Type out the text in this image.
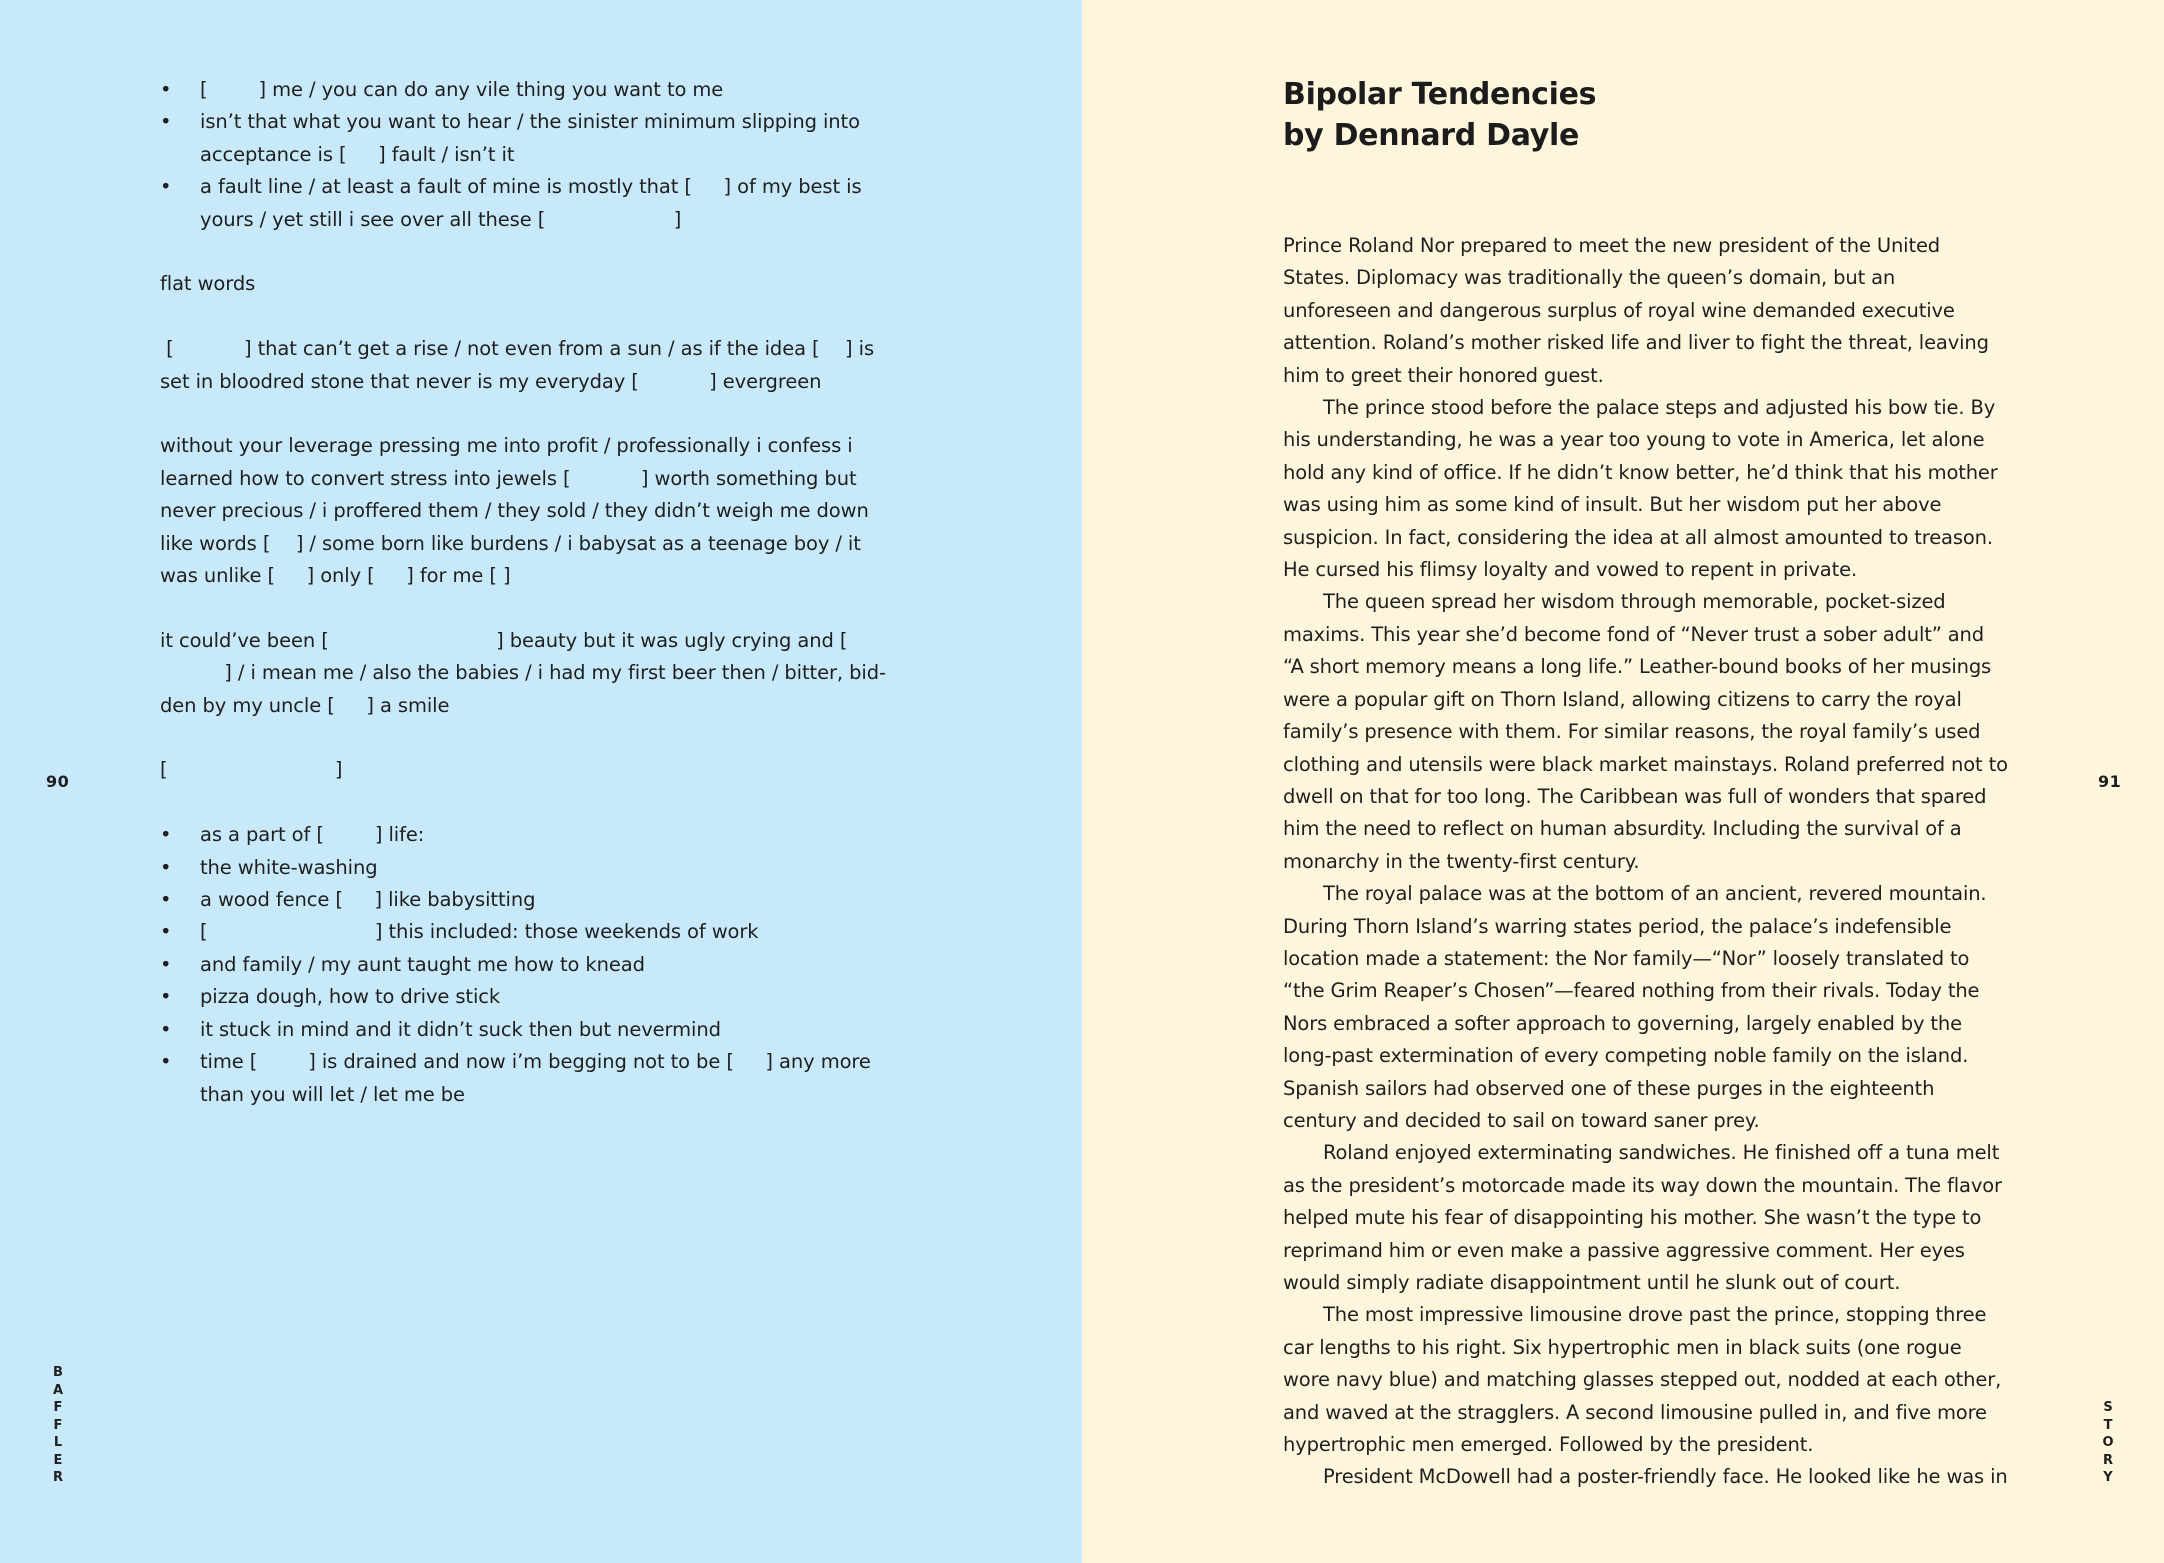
• [    ] me / you can do any vile thing you want to me
• isn’t that what you want to hear / the sinister minimum slipping into acceptance is [   ] fault / isn’t it
• a fault line / at least a fault of mine is mostly that [   ] of my best is yours / yet still i see over all these [        ]

flat words

[     ] that can’t get a rise / not even from a sun / as if the idea [  ] is set in bloodred stone that never is my everyday [     ] evergreen

without your leverage pressing me into profit / professionally i confess i learned how to convert stress into jewels [     ] worth something but never precious / i proffered them / they sold / they didn’t weigh me down like words [  ] / some born like burdens / i babysat as a teenage boy / it was unlike [   ] only [   ] for me [ ]

it could’ve been [          ] beauty but it was ugly crying and [     ] / i mean me / also the babies / i had my first beer then / bitter, bid-den by my uncle [   ] a smile

[          ]

• as a part of [    ] life:
• the white-washing
• a wood fence [   ] like babysitting
• [          ] this included: those weekends of work
• and family / my aunt taught me how to knead
• pizza dough, how to drive stick
• it stuck in mind and it didn’t suck then but nevermind
• time [    ] is drained and now i’m begging not to be [   ] any more than you will let / let me be
90
B
A
F
F
L
E
R
Bipolar Tendencies
by Dennard Dayle

Prince Roland Nor prepared to meet the new president of the United States. Diplomacy was traditionally the queen’s domain, but an unforeseen and dangerous surplus of royal wine demanded executive attention. Roland’s mother risked life and liver to fight the threat, leaving him to greet their honored guest.

The prince stood before the palace steps and adjusted his bow tie. By his understanding, he was a year too young to vote in America, let alone hold any kind of office. If he didn’t know better, he’d think that his mother was using him as some kind of insult. But her wisdom put her above suspicion. In fact, considering the idea at all almost amounted to treason. He cursed his flimsy loyalty and vowed to repent in private.

The queen spread her wisdom through memorable, pocket-sized maxims. This year she’d become fond of “Never trust a sober adult” and “A short memory means a long life.” Leather-bound books of her musings were a popular gift on Thorn Island, allowing citizens to carry the royal family’s presence with them. For similar reasons, the royal family’s used clothing and utensils were black market mainstays. Roland preferred not to dwell on that for too long. The Caribbean was full of wonders that spared him the need to reflect on human absurdity. Including the survival of a monarchy in the twenty-first century.

The royal palace was at the bottom of an ancient, revered mountain. During Thorn Island’s warring states period, the palace’s indefensible location made a statement: the Nor family—“Nor” loosely translated to “the Grim Reaper’s Chosen”—feared nothing from their rivals. Today the Nors embraced a softer approach to governing, largely enabled by the long-past extermination of every competing noble family on the island. Spanish sailors had observed one of these purges in the eighteenth century and decided to sail on toward saner prey.

Roland enjoyed exterminating sandwiches. He finished off a tuna melt as the president’s motorcade made its way down the mountain. The flavor helped mute his fear of disappointing his mother. She wasn’t the type to reprimand him or even make a passive aggressive comment. Her eyes would simply radiate disappointment until he slunk out of court.

The most impressive limousine drove past the prince, stopping three car lengths to his right. Six hypertrophic men in black suits (one rogue wore navy blue) and matching glasses stepped out, nodded at each other, and waved at the stragglers. A second limousine pulled in, and five more hypertrophic men emerged. Followed by the president.

President McDowell had a poster-friendly face. He looked like he was in

91
S
T
O
R
Y
